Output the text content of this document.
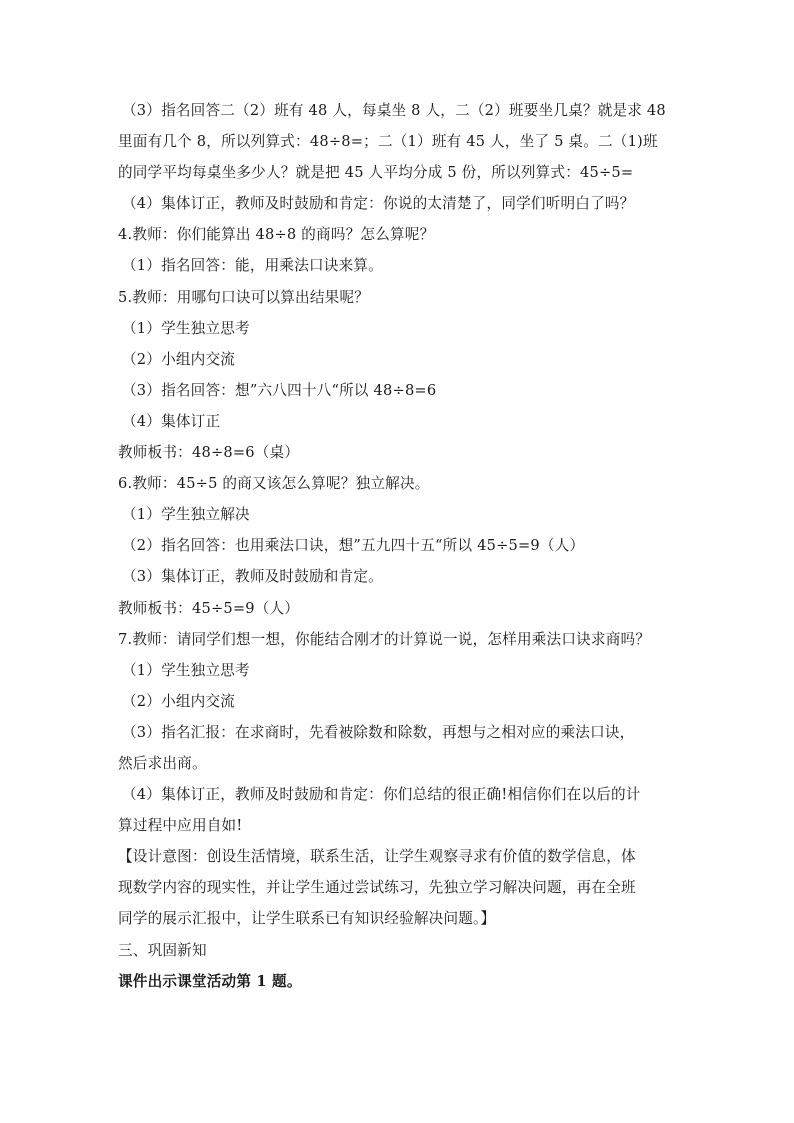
（3）指名回答二（2）班有 48 人，每桌坐 8 人，二（2）班要坐几桌？就是求 48
里面有几个 8，所以列算式：48÷8=；二（1）班有 45 人，坐了 5 桌。二（1)班
的同学平均每桌坐多少人？就是把 45 人平均分成 5 份，所以列算式：45÷5=
（4）集体订正，教师及时鼓励和肯定：你说的太清楚了，同学们听明白了吗？
4.教师：你们能算出 48÷8 的商吗？怎么算呢？
（1）指名回答：能，用乘法口诀来算。
5.教师：用哪句口诀可以算出结果呢？
（1）学生独立思考
（2）小组内交流
（3）指名回答：想”六八四十八“所以 48÷8=6
（4）集体订正
教师板书：48÷8=6（桌）
6.教师：45÷5 的商又该怎么算呢？独立解决。
（1）学生独立解决
（2）指名回答：也用乘法口诀，想”五九四十五“所以 45÷5=9（人）
（3）集体订正，教师及时鼓励和肯定。
教师板书：45÷5=9（人）
7.教师：请同学们想一想，你能结合刚才的计算说一说，怎样用乘法口诀求商吗？
（1）学生独立思考
（2）小组内交流
（3）指名汇报：在求商时，先看被除数和除数，再想与之相对应的乘法口诀，
然后求出商。
（4）集体订正，教师及时鼓励和肯定：你们总结的很正确!相信你们在以后的计
算过程中应用自如!
【设计意图：创设生活情境，联系生活，让学生观察寻求有价值的数学信息，体
现数学内容的现实性，并让学生通过尝试练习，先独立学习解决问题，再在全班
同学的展示汇报中，让学生联系已有知识经验解决问题。】
三、巩固新知
课件出示课堂活动第 1 题。
